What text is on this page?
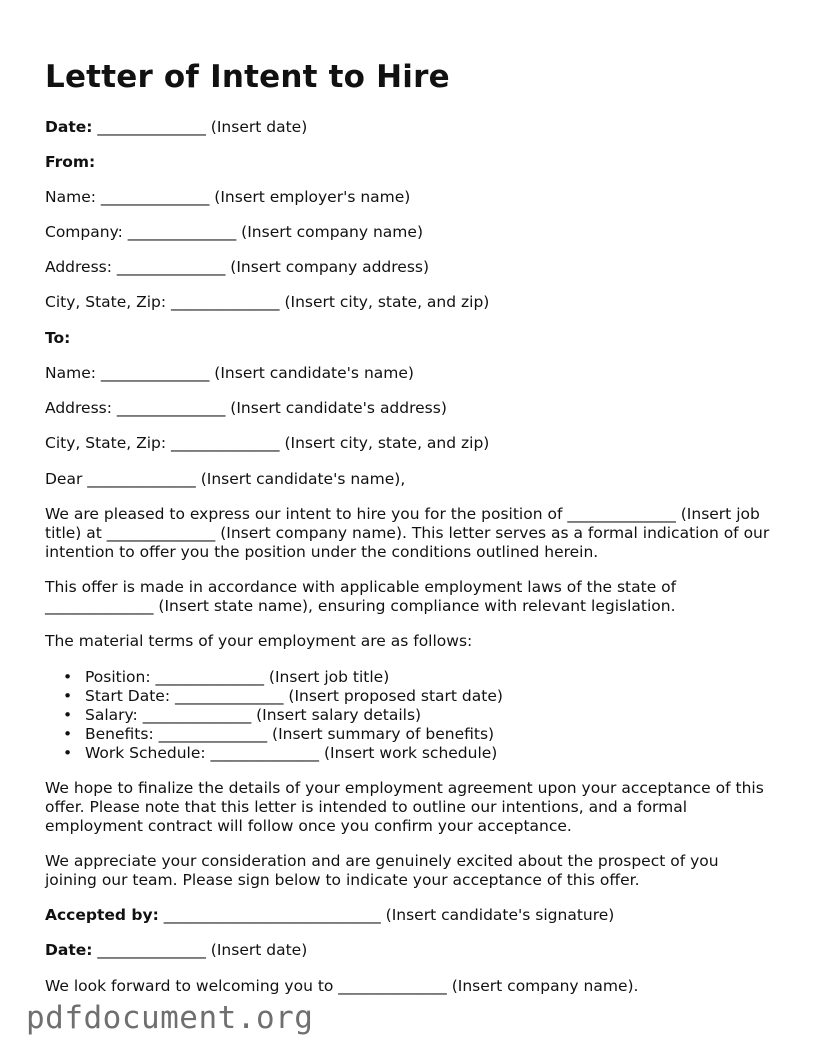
Letter of Intent to Hire

Date: ______________ (Insert date)

From:

Name: ______________ (Insert employer's name)

Company: ______________ (Insert company name)

Address: ______________ (Insert company address)

City, State, Zip: ______________ (Insert city, state, and zip)

To:

Name: ______________ (Insert candidate's name)

Address: ______________ (Insert candidate's address)

City, State, Zip: ______________ (Insert city, state, and zip)

Dear ______________ (Insert candidate's name),

We are pleased to express our intent to hire you for the position of ______________ (Insert job title) at ______________ (Insert company name). This letter serves as a formal indication of our intention to offer you the position under the conditions outlined herein.

This offer is made in accordance with applicable employment laws of the state of ______________ (Insert state name), ensuring compliance with relevant legislation.

The material terms of your employment are as follows:

• Position: ______________ (Insert job title)
• Start Date: ______________ (Insert proposed start date)
• Salary: ______________ (Insert salary details)
• Benefits: ______________ (Insert summary of benefits)
• Work Schedule: ______________ (Insert work schedule)

We hope to finalize the details of your employment agreement upon your acceptance of this offer. Please note that this letter is intended to outline our intentions, and a formal employment contract will follow once you confirm your acceptance.

We appreciate your consideration and are genuinely excited about the prospect of you joining our team. Please sign below to indicate your acceptance of this offer.

Accepted by: ____________________________ (Insert candidate's signature)

Date: ______________ (Insert date)

We look forward to welcoming you to ______________ (Insert company name).

pdfdocument.org
